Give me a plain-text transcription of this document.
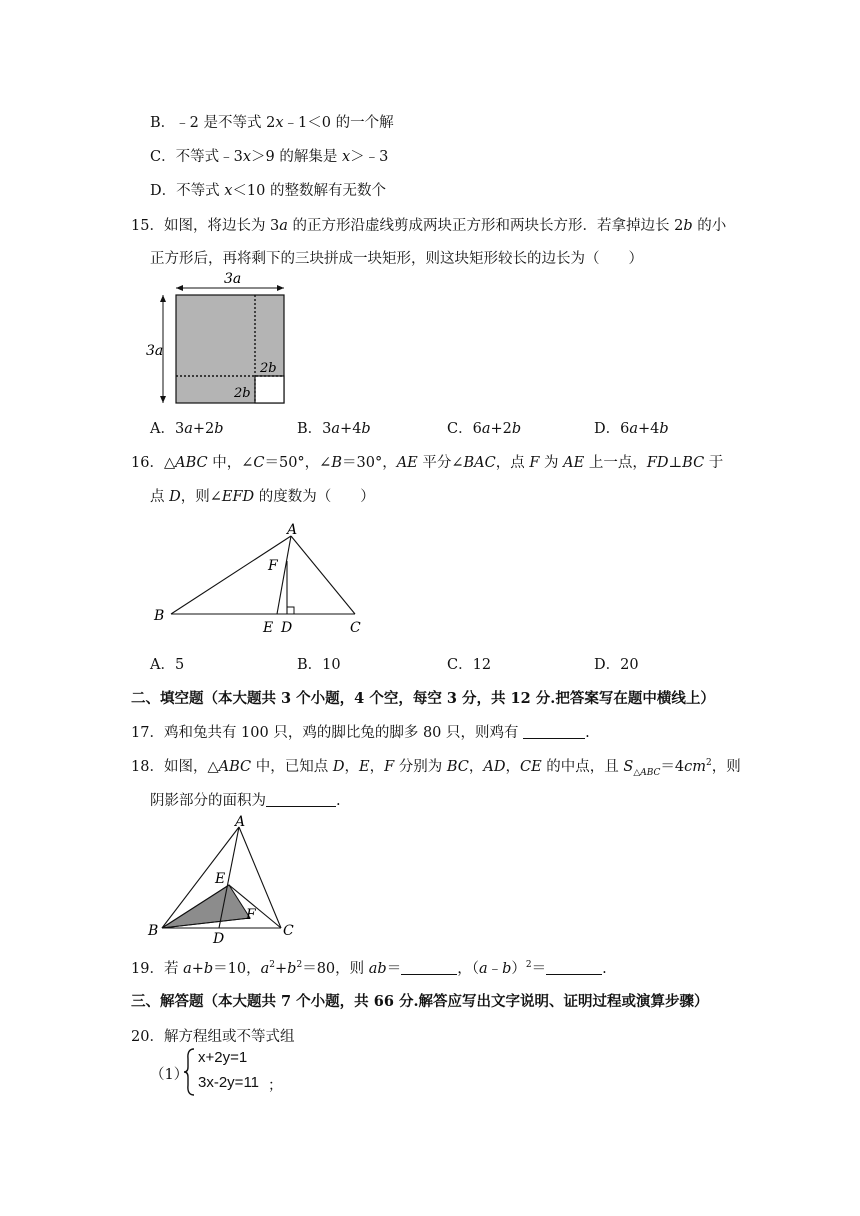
B．﹣2 是不等式 2x﹣1＜0 的一个解
C．不等式﹣3x＞9 的解集是 x＞﹣3
D．不等式 x＜10 的整数解有无数个
15．如图，将边长为 3a 的正方形沿虚线剪成两块正方形和两块长方形．若拿掉边长 2b 的小
正方形后，再将剩下的三块拼成一块矩形，则这块矩形较长的边长为（　　）
3a
3a
2b
2b
A．3a+2b	B．3a+4b	C．6a+2b	D．6a+4b
16．△ABC 中，∠C＝50°，∠B＝30°，AE 平分∠BAC，点 F 为 AE 上一点，FD⊥BC 于
点 D，则∠EFD 的度数为（　　）
A
B
C
E D
F
A．5	B．10	C．12	D．20
二、填空题（本大题共 3 个小题，4 个空，每空 3 分，共 12 分.把答案写在题中横线上）
17．鸡和兔共有 100 只，鸡的脚比兔的脚多 80 只，则鸡有	.
18．如图，△ABC 中，已知点 D，E，F 分别为 BC，AD，CE 的中点，且 $S_{\triangle ABC}=4cm^2$，则
阴影部分的面积为	.
A
B	C
D
E
F
19．若 a+b＝10，$a^2+b^2=80$，则 ab＝	，（a﹣b）$^2$＝	.
三、解答题（本大题共 7 个小题，共 66 分.解答应写出文字说明、证明过程或演算步骤）
20．解方程组或不等式组
（1）
x+2y=1
3x-2y=11 ；
